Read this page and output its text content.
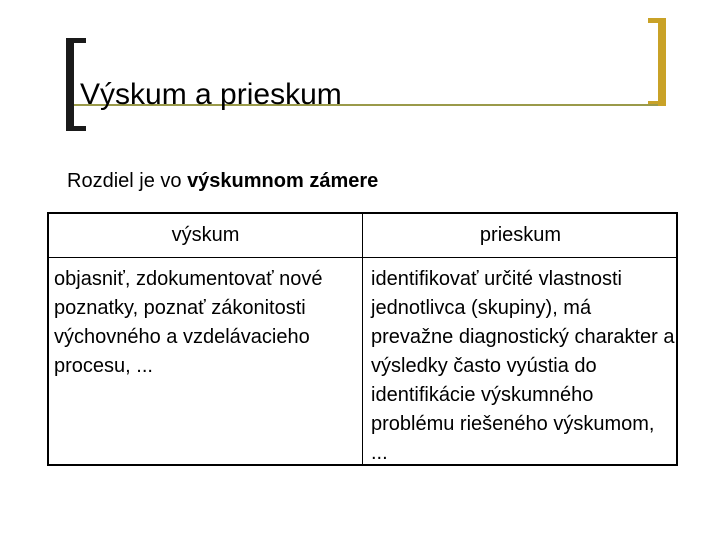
Výskum a prieskum
Rozdiel je vo výskumnom zámere
výskum	prieskum
objasniť, zdokumentovať nové poznatky, poznať zákonitosti výchovného a vzdelávacieho procesu, ...
identifikovať určité vlastnosti jednotlivca (skupiny), má prevažne diagnostický charakter a výsledky často vyústia do identifikácie výskumného problému riešeného výskumom, ...
